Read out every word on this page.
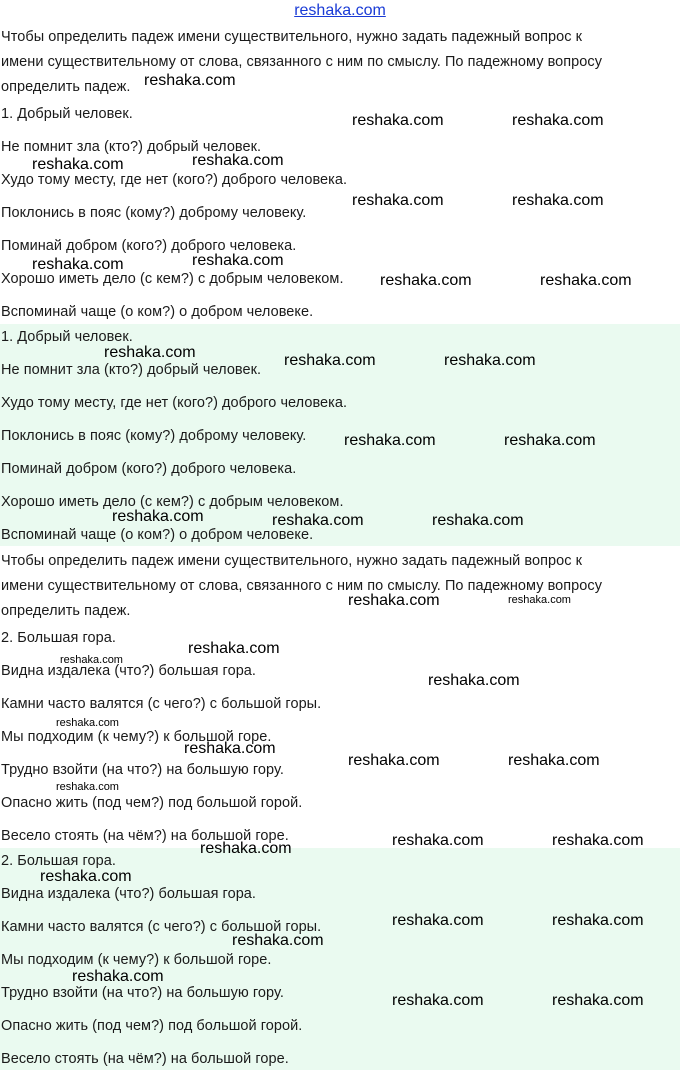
reshaka.com
Чтобы определить падеж имени существительного, нужно задать падежный вопрос к
имени существительному от слова, связанного с ним по смыслу. По падежному вопросу
определить падеж.
1. Добрый человек.
Не помнит зла (кто?) добрый человек.
Худо тому месту, где нет (кого?) доброго человека.
Поклонись в пояс (кому?) доброму человеку.
Поминай добром (кого?) доброго человека.
Хорошо иметь дело (с кем?) с добрым человеком.
Вспоминай чаще (о ком?) о добром человеке.
1. Добрый человек.
Не помнит зла (кто?) добрый человек.
Худо тому месту, где нет (кого?) доброго человека.
Поклонись в пояс (кому?) доброму человеку.
Поминай добром (кого?) доброго человека.
Хорошо иметь дело (с кем?) с добрым человеком.
Вспоминай чаще (о ком?) о добром человеке.
Чтобы определить падеж имени существительного, нужно задать падежный вопрос к
имени существительному от слова, связанного с ним по смыслу. По падежному вопросу
определить падеж.
2. Большая гора.
Видна издалека (что?) большая гора.
Камни часто валятся (с чего?) с большой горы.
Мы подходим (к чему?) к большой горе.
Трудно взойти (на что?) на большую гору.
Опасно жить (под чем?) под большой горой.
Весело стоять (на чём?) на большой горе.
2. Большая гора.
Видна издалека (что?) большая гора.
Камни часто валятся (с чего?) с большой горы.
Мы подходим (к чему?) к большой горе.
Трудно взойти (на что?) на большую гору.
Опасно жить (под чем?) под большой горой.
Весело стоять (на чём?) на большой горе.
reshaka.com
reshaka.com	reshaka.com
reshaka.com
reshaka.com
reshaka.com	reshaka.com
reshaka.com
reshaka.com
reshaka.com	reshaka.com
reshaka.com	reshaka.com	reshaka.com
reshaka.com	reshaka.com
reshaka.com	reshaka.com	reshaka.com
reshaka.com	reshaka.com
reshaka.com
reshaka.com
reshaka.com
reshaka.com
reshaka.com
reshaka.com	reshaka.com
reshaka.com
reshaka.com	reshaka.com
reshaka.com
reshaka.com
reshaka.com	reshaka.com
reshaka.com
reshaka.com
reshaka.com	reshaka.com
